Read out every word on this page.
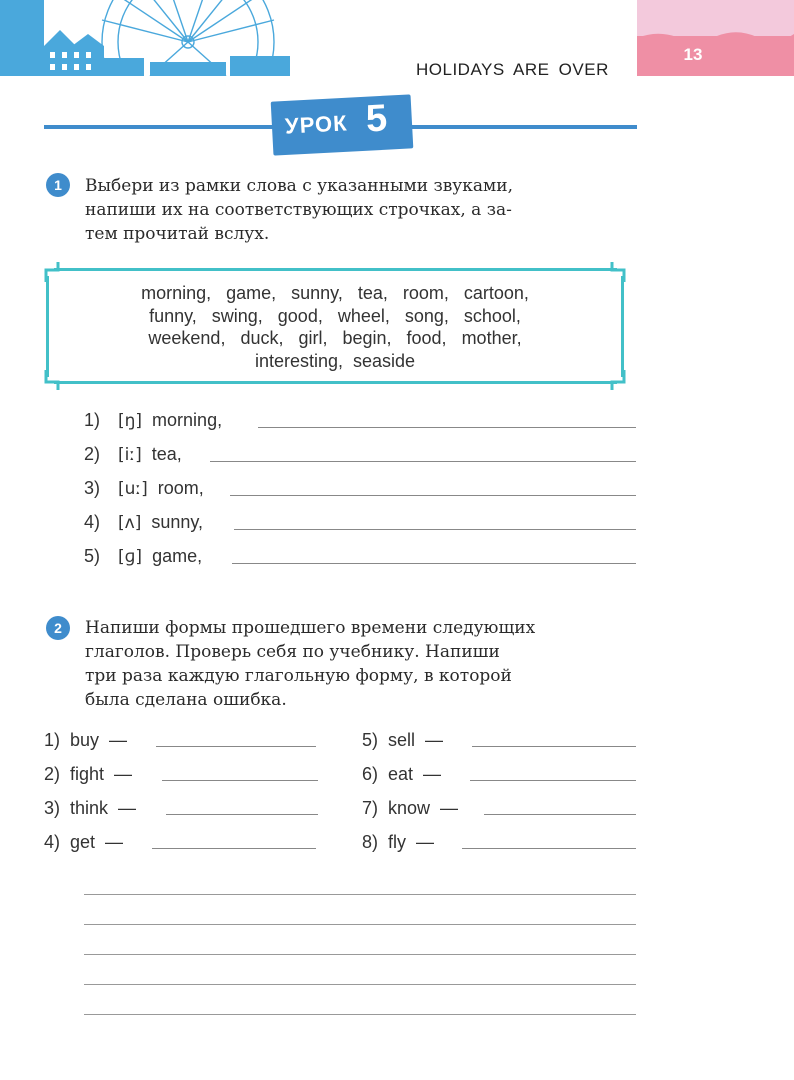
13
HOLIDAYS ARE OVER
УРОК 5
1	Выбери из рамки слова с указанными звуками,
напиши их на соответствующих строчках, а за-
тем прочитай вслух.
morning,   game,   sunny,   tea,   room,   cartoon,
funny,   swing,   good,   wheel,   song,   school,
weekend,   duck,   girl,   begin,   food,   mother,
interesting,  seaside
1)	[ŋ] morning,
2)	[iː] tea,
3)	[uː] room,
4)	[ʌ] sunny,
5)	[ɡ] game,
2	Напиши формы прошедшего времени следующих
глаголов. Проверь себя по учебнику. Напиши
три раза каждую глагольную форму, в которой
была сделана ошибка.
1)  buy  —
2)  fight  —
3)  think  —
4)  get  —
5)  sell  —
6)  eat  —
7)  know  —
8)  fly  —
